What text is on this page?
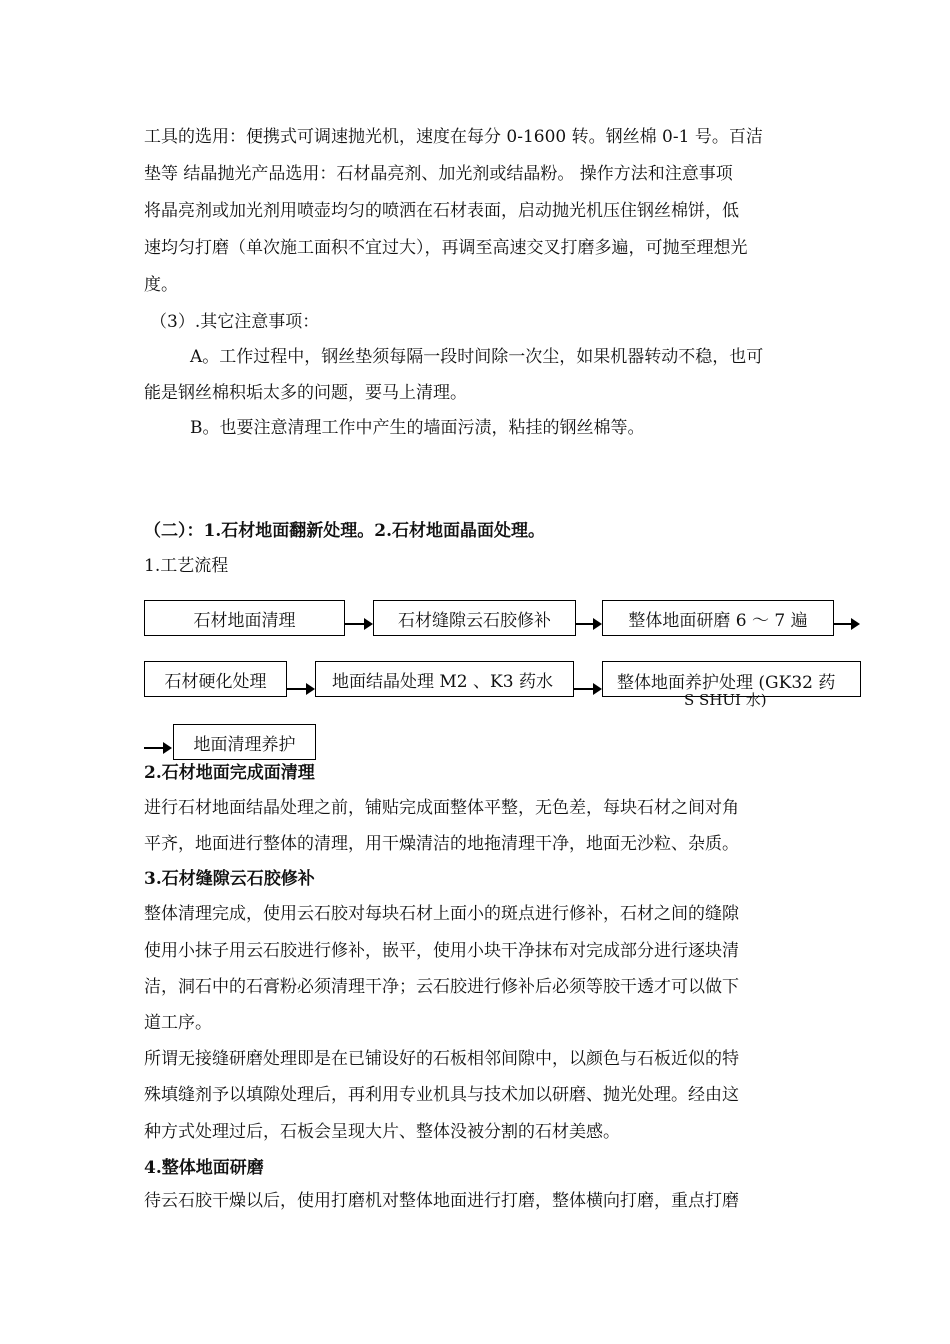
工具的选用：便携式可调速抛光机，速度在每分 0-1600 转。钢丝棉 0-1 号。百洁
垫等 结晶抛光产品选用：石材晶亮剂、加光剂或结晶粉。 操作方法和注意事项
将晶亮剂或加光剂用喷壶均匀的喷洒在石材表面，启动抛光机压住钢丝棉饼，低
速均匀打磨（单次施工面积不宜过大），再调至高速交叉打磨多遍，可抛至理想光
度。
（3）.其它注意事项：
A。工作过程中，钢丝垫须每隔一段时间除一次尘，如果机器转动不稳，也可
能是钢丝棉积垢太多的问题，要马上清理。
B。也要注意清理工作中产生的墙面污渍，粘挂的钢丝棉等。
（二）：1.石材地面翻新处理。2.石材地面晶面处理。
1.工艺流程
石材地面清理	石材缝隙云石胶修补	整体地面研磨 6 ～ 7 遍
石材硬化处理	地面结晶处理 M2 、K3 药水	整体地面养护处理 (GK32 药
S SHUI 水)
地面清理养护
2.石材地面完成面清理
进行石材地面结晶处理之前，铺贴完成面整体平整，无色差，每块石材之间对角
平齐，地面进行整体的清理，用干燥清洁的地拖清理干净，地面无沙粒、杂质。
3.石材缝隙云石胶修补
整体清理完成，使用云石胶对每块石材上面小的斑点进行修补，石材之间的缝隙
使用小抹子用云石胶进行修补，嵌平，使用小块干净抹布对完成部分进行逐块清
洁，洞石中的石膏粉必须清理干净；云石胶进行修补后必须等胶干透才可以做下
道工序。
所谓无接缝研磨处理即是在已铺设好的石板相邻间隙中，以颜色与石板近似的特
殊填缝剂予以填隙处理后，再利用专业机具与技术加以研磨、抛光处理。经由这
种方式处理过后，石板会呈现大片、整体没被分割的石材美感。
4.整体地面研磨
待云石胶干燥以后，使用打磨机对整体地面进行打磨，整体横向打磨，重点打磨
